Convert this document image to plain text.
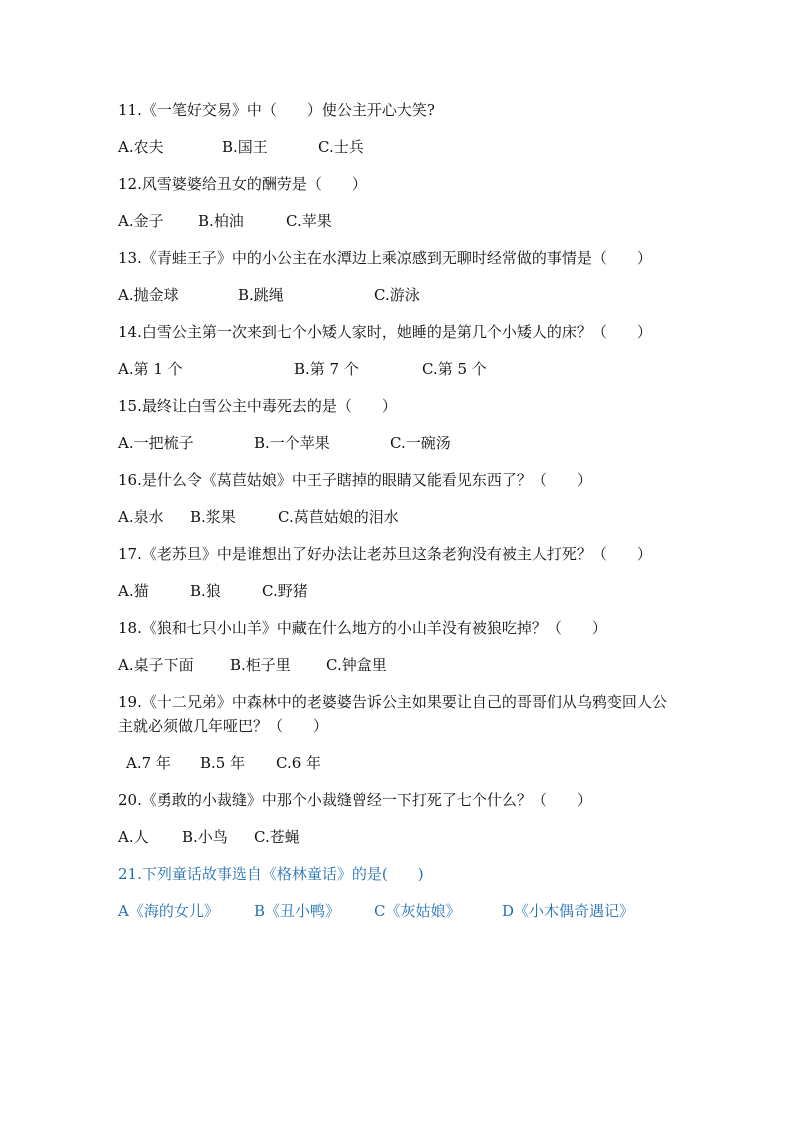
11.《一笔好交易》中（　　）使公主开心大笑?

A.农夫	B.国王	C.士兵

12.风雪婆婆给丑女的酬劳是（　　）

A.金子	B.柏油	C.苹果

13.《青蛙王子》中的小公主在水潭边上乘凉感到无聊时经常做的事情是（　　）

A.抛金球	B.跳绳	C.游泳

14.白雪公主第一次来到七个小矮人家时，她睡的是第几个小矮人的床？（　　）

A.第 1 个	B.第 7 个	C.第 5 个

15.最终让白雪公主中毒死去的是（　　）

A.一把梳子	B.一个苹果	C.一碗汤

16.是什么令《莴苣姑娘》中王子瞎掉的眼睛又能看见东西了？（　　）

A.泉水	B.浆果	C.莴苣姑娘的泪水

17.《老苏旦》中是谁想出了好办法让老苏旦这条老狗没有被主人打死？（　　）

A.猫	B.狼	C.野猪

18.《狼和七只小山羊》中藏在什么地方的小山羊没有被狼吃掉？（　　）

A.桌子下面	B.柜子里	C.钟盒里

19.《十二兄弟》中森林中的老婆婆告诉公主如果要让自己的哥哥们从乌鸦变回人公主就必须做几年哑巴？（　　）

A.7 年	B.5 年	C.6 年

20.《勇敢的小裁缝》中那个小裁缝曾经一下打死了七个什么？（　　）

A.人	B.小鸟	C.苍蝇

21.下列童话故事选自《格林童话》的是(　　)

A《海的女儿》	B《丑小鸭》	C《灰姑娘》	D《小木偶奇遇记》
